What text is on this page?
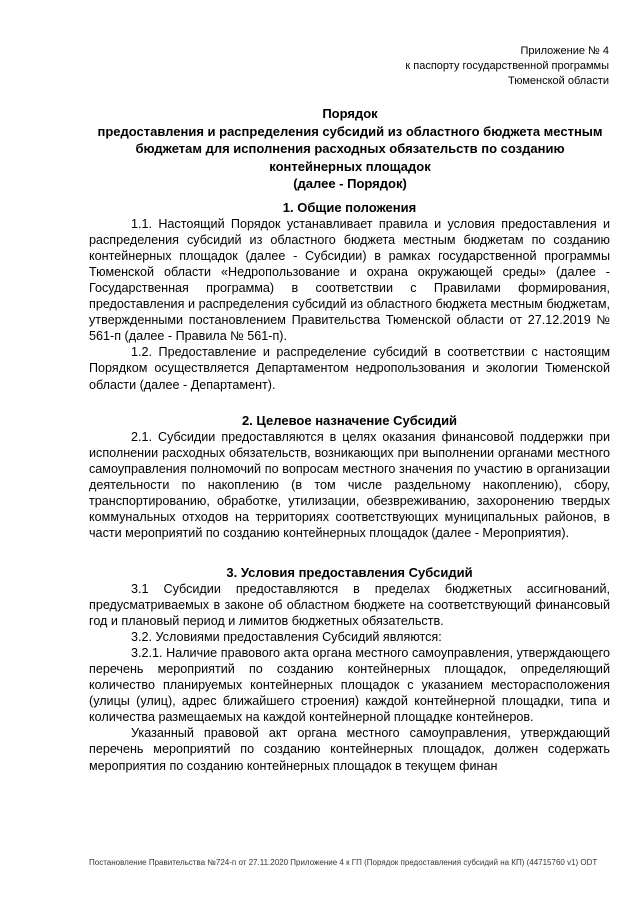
Приложение № 4
к паспорту государственной программы
Тюменской области
Порядок
предоставления и распределения субсидий из областного бюджета местным бюджетам для исполнения расходных обязательств по созданию контейнерных площадок
(далее - Порядок)
1. Общие положения

1.1. Настоящий Порядок устанавливает правила и условия предоставления и распределения субсидий из областного бюджета местным бюджетам по созданию контейнерных площадок (далее - Субсидии) в рамках государственной программы Тюменской области «Недропользование и охрана окружающей среды» (далее - Государственная программа) в соответствии с Правилами формирования, предоставления и распределения субсидий из областного бюджета местным бюджетам, утвержденными постановлением Правительства Тюменской области от 27.12.2019 № 561-п (далее - Правила № 561-п).

1.2. Предоставление и распределение субсидий в соответствии с настоящим Порядком осуществляется Департаментом недропользования и экологии Тюменской области (далее - Департамент).

2. Целевое назначение Субсидий

2.1. Субсидии предоставляются в целях оказания финансовой поддержки при исполнении расходных обязательств, возникающих при выполнении органами местного самоуправления полномочий по вопросам местного значения по участию в организации деятельности по накоплению (в том числе раздельному накоплению), сбору, транспортированию, обработке, утилизации, обезвреживанию, захоронению твердых коммунальных отходов на территориях соответствующих муниципальных районов, в части мероприятий по созданию контейнерных площадок (далее - Мероприятия).

3. Условия предоставления Субсидий

3.1 Субсидии предоставляются в пределах бюджетных ассигнований, предусматриваемых в законе об областном бюджете на соответствующий финансовый год и плановый период и лимитов бюджетных обязательств.

3.2. Условиями предоставления Субсидий являются:

3.2.1. Наличие правового акта органа местного самоуправления, утверждающего перечень мероприятий по созданию контейнерных площадок, определяющий количество планируемых контейнерных площадок с указанием месторасположения (улицы (улиц), адрес ближайшего строения) каждой контейнерной площадки, типа и количества размещаемых на каждой контейнерной площадке контейнеров.

Указанный правовой акт органа местного самоуправления, утверждающий перечень мероприятий по созданию контейнерных площадок, должен содержать мероприятия по созданию контейнерных площадок в текущем финан

Постановление Правительства №724-п от 27.11.2020 Приложение 4 к ГП (Порядок предоставления субсидий на КП) (44715760 v1) ODT
